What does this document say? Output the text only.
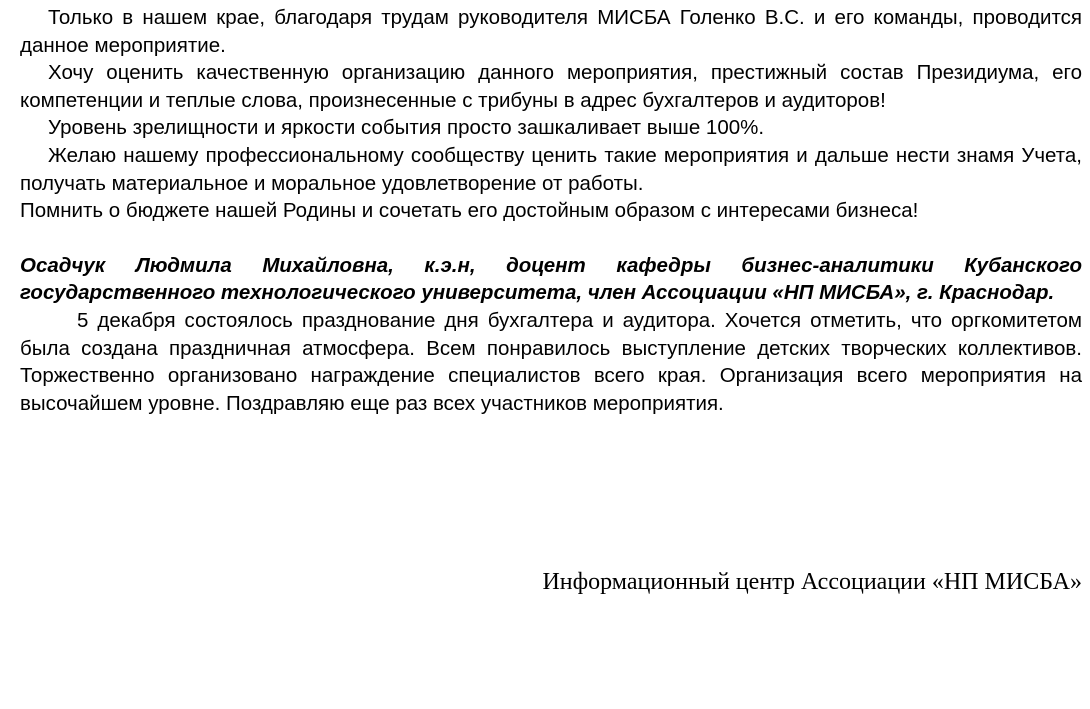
Только в нашем крае, благодаря трудам руководителя МИСБА Голенко В.С. и его команды, проводится данное мероприятие.

Хочу оценить качественную организацию данного мероприятия, престижный состав Президиума, его компетенции и теплые слова, произнесенные с трибуны в адрес бухгалтеров и аудиторов!

Уровень зрелищности и яркости события просто зашкаливает выше 100%.

Желаю нашему профессиональному сообществу ценить такие мероприятия и дальше нести знамя Учета, получать материальное и моральное удовлетворение от работы.

Помнить о бюджете нашей Родины и сочетать его достойным образом с интересами бизнеса!

Осадчук Людмила Михайловна, к.э.н, доцент кафедры бизнес-аналитики Кубанского государственного технологического университета, член Ассоциации «НП МИСБА», г. Краснодар.

5 декабря состоялось празднование дня бухгалтера и аудитора. Хочется отметить, что оргкомитетом была создана праздничная атмосфера. Всем понравилось выступление детских творческих коллективов. Торжественно организовано награждение специалистов всего края. Организация всего мероприятия на высочайшем уровне. Поздравляю еще раз всех участников мероприятия.

Информационный центр Ассоциации «НП МИСБА»
